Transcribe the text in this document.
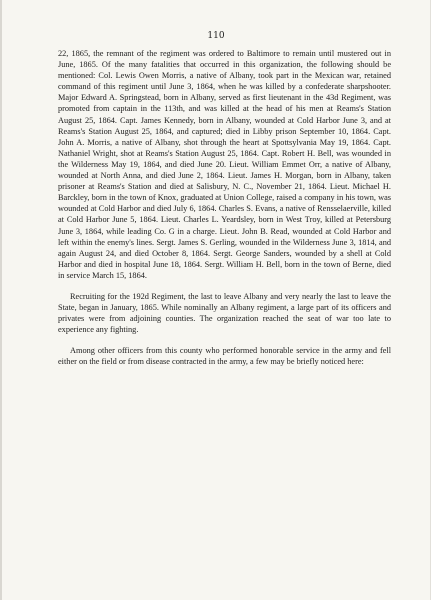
110

22, 1865, the remnant of the regiment was ordered to Baltimore to remain until mustered out in June, 1865. Of the many fatalities that occurred in this organization, the following should be mentioned: Col. Lewis Owen Morris, a native of Albany, took part in the Mexican war, retained command of this regiment until June 3, 1864, when he was killed by a confederate sharpshooter. Major Edward A. Springstead, born in Albany, served as first lieutenant in the 43d Regiment, was promoted from captain in the 113th, and was killed at the head of his men at Reams's Station August 25, 1864. Capt. James Kennedy, born in Albany, wounded at Cold Harbor June 3, and at Reams's Station August 25, 1864, and captured; died in Libby prison September 10, 1864. Capt. John A. Morris, a native of Albany, shot through the heart at Spottsylvania May 19, 1864. Capt. Nathaniel Wright, shot at Reams's Station August 25, 1864. Capt. Robert H. Bell, was wounded in the Wilderness May 19, 1864, and died June 20. Lieut. William Emmet Orr, a native of Albany, wounded at North Anna, and died June 2, 1864. Lieut. James H. Morgan, born in Albany, taken prisoner at Reams's Station and died at Salisbury, N. C., November 21, 1864. Lieut. Michael H. Barckley, born in the town of Knox, graduated at Union College, raised a company in his town, was wounded at Cold Harbor and died July 6, 1864. Charles S. Evans, a native of Rensselaerville, killed at Cold Harbor June 5, 1864. Lieut. Charles L. Yeardsley, born in West Troy, killed at Petersburg June 3, 1864, while leading Co. G in a charge. Lieut. John B. Read, wounded at Cold Harbor and left within the enemy's lines. Sergt. James S. Gerling, wounded in the Wilderness June 3, 1814, and again August 24, and died October 8, 1864. Sergt. George Sanders, wounded by a shell at Cold Harbor and died in hospital June 18, 1864. Sergt. William H. Bell, born in the town of Berne, died in service March 15, 1864.

Recruiting for the 192d Regiment, the last to leave Albany and very nearly the last to leave the State, began in January, 1865. While nominally an Albany regiment, a large part of its officers and privates were from adjoining counties. The organization reached the seat of war too late to experience any fighting.

Among other officers from this county who performed honorable service in the army and fell either on the field or from disease contracted in the army, a few may be briefly noticed here:
